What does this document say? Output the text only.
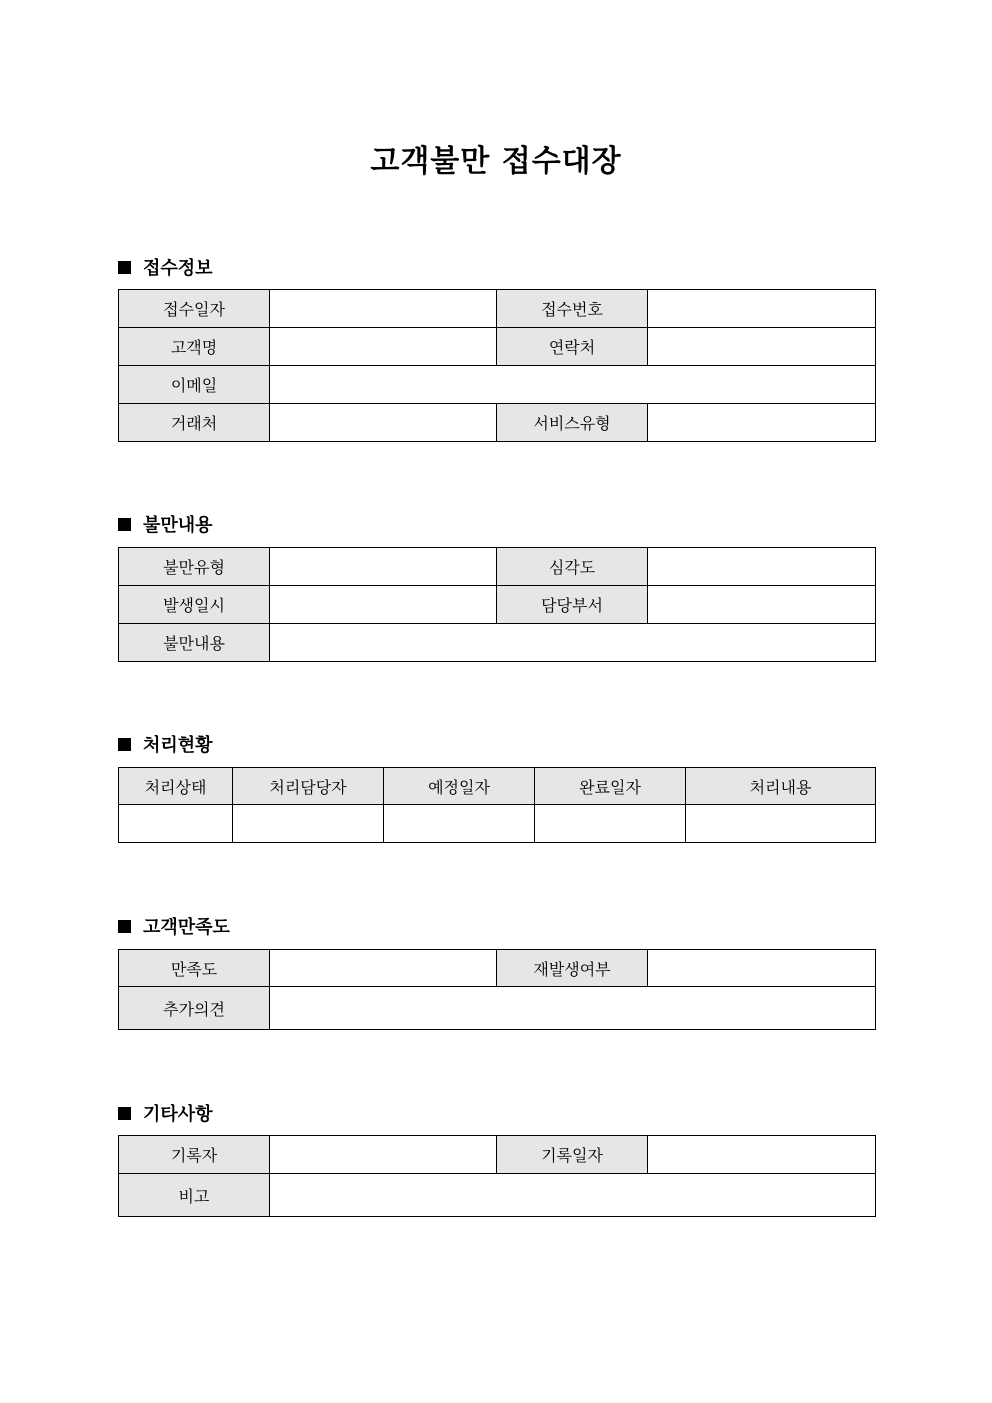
고객불만 접수대장
접수정보
접수일자		접수번호	
고객명		연락처	
이메일			
거래처		서비스유형	
불만내용
불만유형		심각도	
발생일시		담당부서	
불만내용			
처리현황
처리상태	처리담당자	예정일자	완료일자	처리내용

고객만족도
만족도		재발생여부	
추가의견			
기타사항
기록자		기록일자	
비고			
